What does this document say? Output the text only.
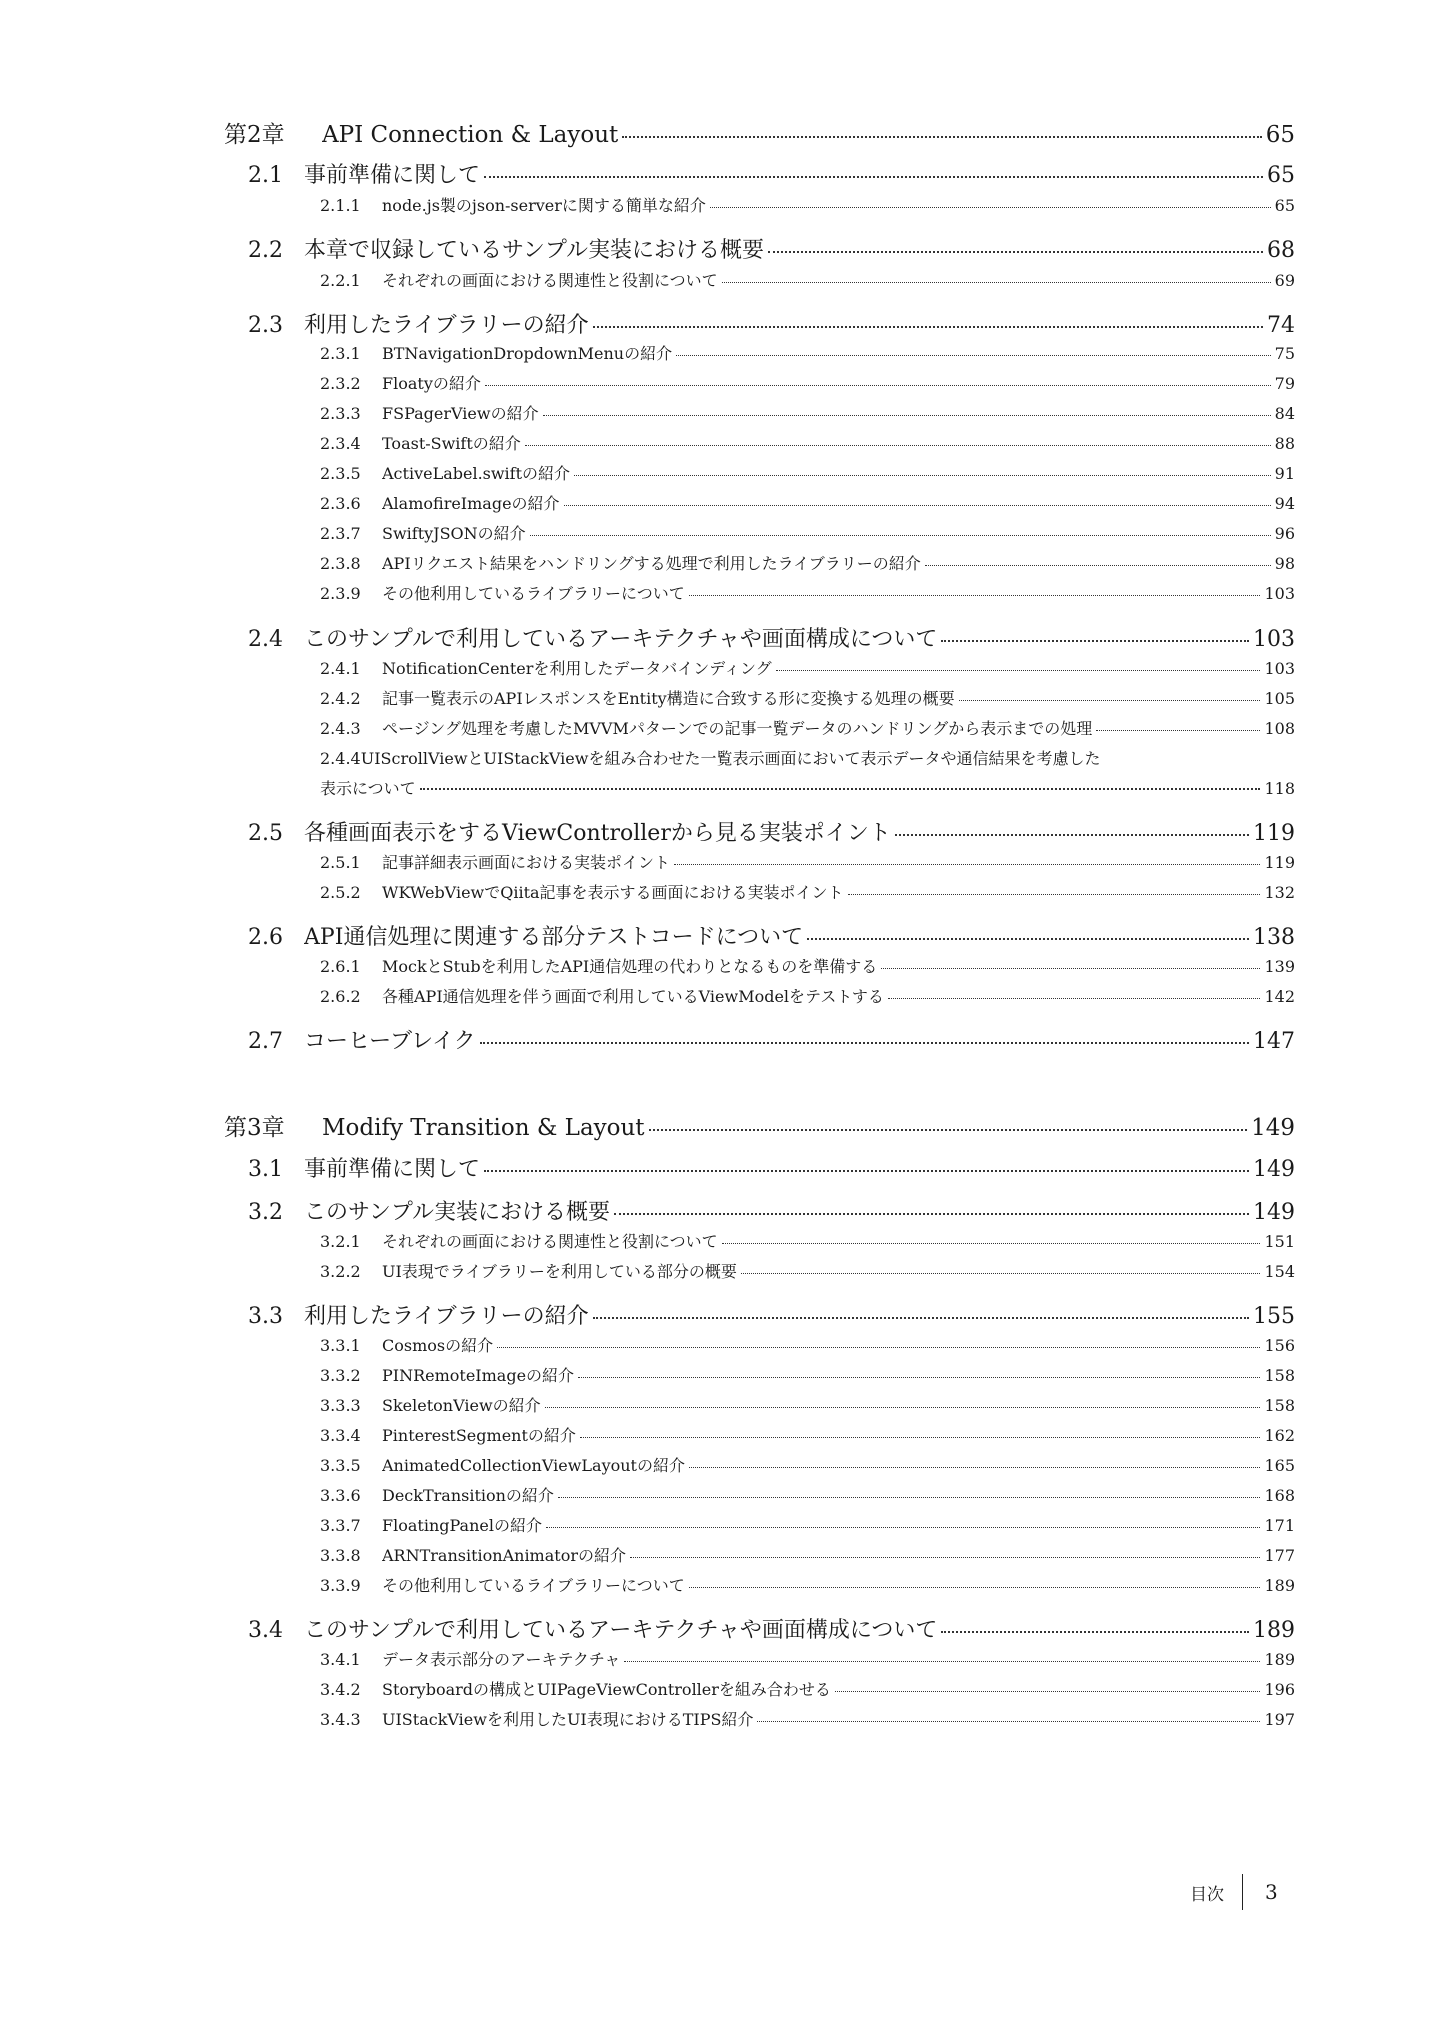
第2章	API Connection & Layout	65
2.1 事前準備に関して	65
2.1.1	node.js製のjson-serverに関する簡単な紹介	65
2.2 本章で収録しているサンプル実装における概要	68
2.2.1	それぞれの画面における関連性と役割について	69
2.3 利用したライブラリーの紹介	74
2.3.1	BTNavigationDropdownMenuの紹介	75
2.3.2	Floatyの紹介	79
2.3.3	FSPagerViewの紹介	84
2.3.4	Toast-Swiftの紹介	88
2.3.5	ActiveLabel.swiftの紹介	91
2.3.6	AlamofireImageの紹介	94
2.3.7	SwiftyJSONの紹介	96
2.3.8	APIリクエスト結果をハンドリングする処理で利用したライブラリーの紹介	98
2.3.9	その他利用しているライブラリーについて	103
2.4 このサンプルで利用しているアーキテクチャや画面構成について	103
2.4.1	NotificationCenterを利用したデータバインディング	103
2.4.2	記事一覧表示のAPIレスポンスをEntity構造に合致する形に変換する処理の概要	105
2.4.3	ページング処理を考慮したMVVMパターンでの記事一覧データのハンドリングから表示までの処理	108
2.4.4 UIScrollViewとUIStackViewを組み合わせた一覧表示画面において表示データや通信結果を考慮した
表示について	118
2.5 各種画面表示をするViewControllerから見る実装ポイント	119
2.5.1	記事詳細表示画面における実装ポイント	119
2.5.2	WKWebViewでQiita記事を表示する画面における実装ポイント	132
2.6 API通信処理に関連する部分テストコードについて	138
2.6.1	MockとStubを利用したAPI通信処理の代わりとなるものを準備する	139
2.6.2	各種API通信処理を伴う画面で利用しているViewModelをテストする	142
2.7 コーヒーブレイク	147
第3章	Modify Transition & Layout	149
3.1 事前準備に関して	149
3.2 このサンプル実装における概要	149
3.2.1	それぞれの画面における関連性と役割について	151
3.2.2	UI表現でライブラリーを利用している部分の概要	154
3.3 利用したライブラリーの紹介	155
3.3.1	Cosmosの紹介	156
3.3.2	PINRemoteImageの紹介	158
3.3.3	SkeletonViewの紹介	158
3.3.4	PinterestSegmentの紹介	162
3.3.5	AnimatedCollectionViewLayoutの紹介	165
3.3.6	DeckTransitionの紹介	168
3.3.7	FloatingPanelの紹介	171
3.3.8	ARNTransitionAnimatorの紹介	177
3.3.9	その他利用しているライブラリーについて	189
3.4 このサンプルで利用しているアーキテクチャや画面構成について	189
3.4.1	データ表示部分のアーキテクチャ	189
3.4.2	Storyboardの構成とUIPageViewControllerを組み合わせる	196
3.4.3	UIStackViewを利用したUI表現におけるTIPS紹介	197
目次 3
